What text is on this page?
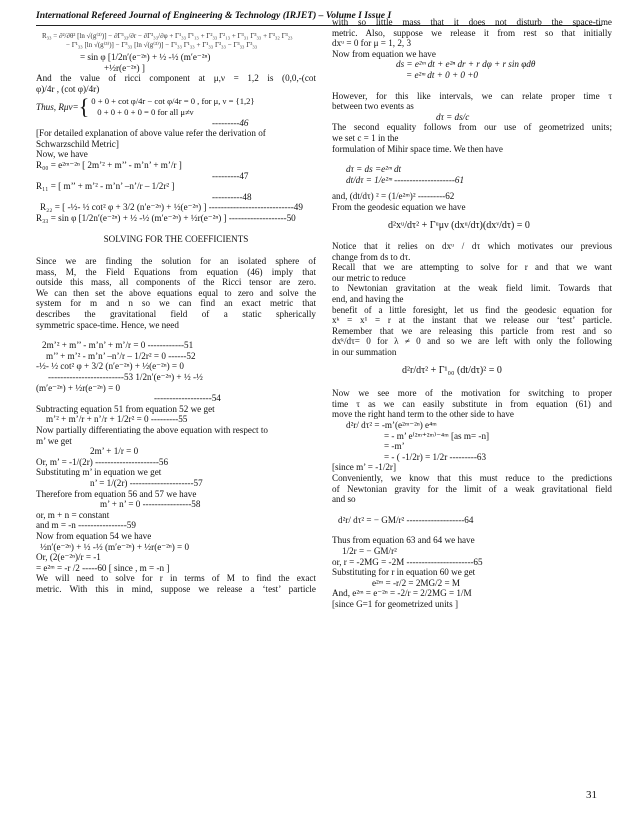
International Refereed Journal of Engineering & Technology (IRJET) – Volume I Issue I
R₃₃ = ∂²/∂θ² [ln √(g⁽³⁾)] − ∂Γ³₃₃/∂r − ∂Γ³₃₃/∂φ + Γ¹₃₃ Γ¹₁₃ + Γ²₃₃ Γ²₁₃ + Γ³₃₁ Γ³₃₃ + Γ³₃₂ Γ³₂₃
− Γ¹₃₃ [ln √(g⁽³⁾)] − Γ³₃₃ [ln √(g⁽³⁾)] − Γ¹₃₃ Γ¹₃₃ + Γ¹₃₃ Γ³₃₃ − Γ³₃₃ Γ³₃₃
= sin φ [1/2n′(e⁻²ⁿ) + ½ -½ (m′e⁻²ⁿ)
+½r(e⁻²ⁿ) ]
And the value of ricci component at μ,ν = 1,2 is (0,0,-(cot
φ)/4r , (cot φ)/4r)
Thus, Rμν= { 0 + 0 + cot φ/4r − cot φ/4r = 0 , for μ, ν = {1,2}
0 + 0 + 0 + 0 = 0 for all μ≠ν
---------46
[For detailed explanation of above value refer the derivation of
Schwarzschild Metric]
Now, we have
R₀₀ = e²ᵐ⁻²ⁿ [ 2m’² + m’’ - m’n’ + m’/r ]
---------47
R₁₁ = [ m’’ + m’² - m’n’ –n’/r – 1/2r² ]
----------48
R₂₂ = [ -½- ½ cot² φ + 3/2 (n′e⁻²ⁿ) + ½(e⁻²ⁿ) ] ----------------------------49
R₃₃ = sin φ [1/2n′(e⁻²ⁿ) + ½ -½ (m′e⁻²ⁿ) + ½r(e⁻²ⁿ) ] -------------------50
SOLVING FOR THE COEFFICIENTS
Since we are finding the solution for an isolated sphere of
mass, M, the Field Equations from equation (46) imply that
outside this mass, all components of the Ricci tensor are zero.
We can then set the above equations equal to zero and solve the
system for m and n so we can find an exact metric that
describes the gravitational field of a static spherically
symmetric space-time. Hence, we need
2m’² + m’’ - m’n’ + m’/r = 0 ------------51
m’’ + m’² - m’n’ –n’/r – 1/2r² = 0 ------52
-½- ½ cot² φ + 3/2 (n′e⁻²ⁿ) + ½(e⁻²ⁿ) = 0
-------------------------53 1/2n′(e⁻²ⁿ) + ½ -½
(m′e⁻²ⁿ) + ½r(e⁻²ⁿ) = 0
-------------------54
Subtracting equation 51 from equation 52 we get
m’² + m’/r + n’/r + 1/2r² = 0 ---------55
Now partially differentiating the above equation with respect to
m’ we get
2m’ + 1/r = 0
Or, m’ = -1/(2r) ---------------------56
Substituting m’ in equation we get
n’ = 1/(2r) ---------------------57
Therefore from equation 56 and 57 we have
m’ + n’ = 0 ----------------58
or, m + n = constant
and m = -n ----------------59
Now from equation 54 we have
½n′(e⁻²ⁿ) + ½ -½ (m′e⁻²ⁿ) + ½r(e⁻²ⁿ) = 0
Or, (2(e⁻²ⁿ)/r = -1
= e²ᵐ = -r /2 -----60 [ since , m = -n ]
We will need to solve for r in terms of M to find the exact
metric. With this in mind, suppose we release a ‘test’ particle
with so little mass that it does not disturb the space-time
metric. Also, suppose we release it from rest so that initially
dxᵘ = 0 for μ = 1, 2, 3
Now from equation we have
ds = e²ᵐ dt + e²ⁿ dr + r dφ + r sin φdθ
= e²ᵐ dt + 0 + 0 +0
However, for this like intervals, we can relate proper time τ
between two events as
dτ = ds/c
The second equality follows from our use of geometrized units;
we set c = 1 in the
formulation of Mihir space time. We then have
dτ = ds =e²ᵐ dt
dt/dτ = 1/e²ᵐ --------------------61
and, (dt/dτ) ² = (1/e²ᵐ)² ---------62
From the geodesic equation we have
d²xᵘ/dτ² + Γᵘμν (dxᵘ/dτ)(dxᵛ/dτ) = 0
Notice that it relies on dxᵘ / dτ which motivates our previous
change from ds to dτ.
Recall that we are attempting to solve for r and that we want
our metric to reduce
to Newtonian gravitation at the weak field limit. Towards that
end, and having the
benefit of a little foresight, let us find the geodesic equation for
xᵏ = x¹ = r at the instant that we release our ‘test’ particle.
Remember that we are releasing this particle from rest and so
dxᵏ/dτ= 0 for λ ≠ 0 and so we are left with only the following
in our summation
d²r/dτ² + Γ¹₀₀ (dt/dτ)² = 0
Now we see more of the motivation for switching to proper
time τ as we can easily substitute in from equation (61) and
move the right hand term to the other side to have
d²r/ dτ² = -m’(e²ᵐ⁻²ⁿ) e⁴ᵐ
= - m’ e⁽²ᵐ⁺²ᵐ⁾⁻⁴ᵐ [as m= -n]
= -m’
= - ( -1/2r) = 1/2r ---------63
[since m’ = -1/2r]
Conveniently, we know that this must reduce to the predictions
of Newtonian gravity for the limit of a weak gravitational field
and so
d²r/ dτ² = − GM/r² -------------------64
Thus from equation 63 and 64 we have
1/2r = − GM/r²
or, r = -2MG = -2M ----------------------65
Substituting for r in equation 60 we get
e²ᵐ = -r/2 = 2MG/2 = M
And, e²ᵐ = e⁻²ⁿ = -2/r = 2/2MG = 1/M
[since G=1 for geometrized units ]
31
